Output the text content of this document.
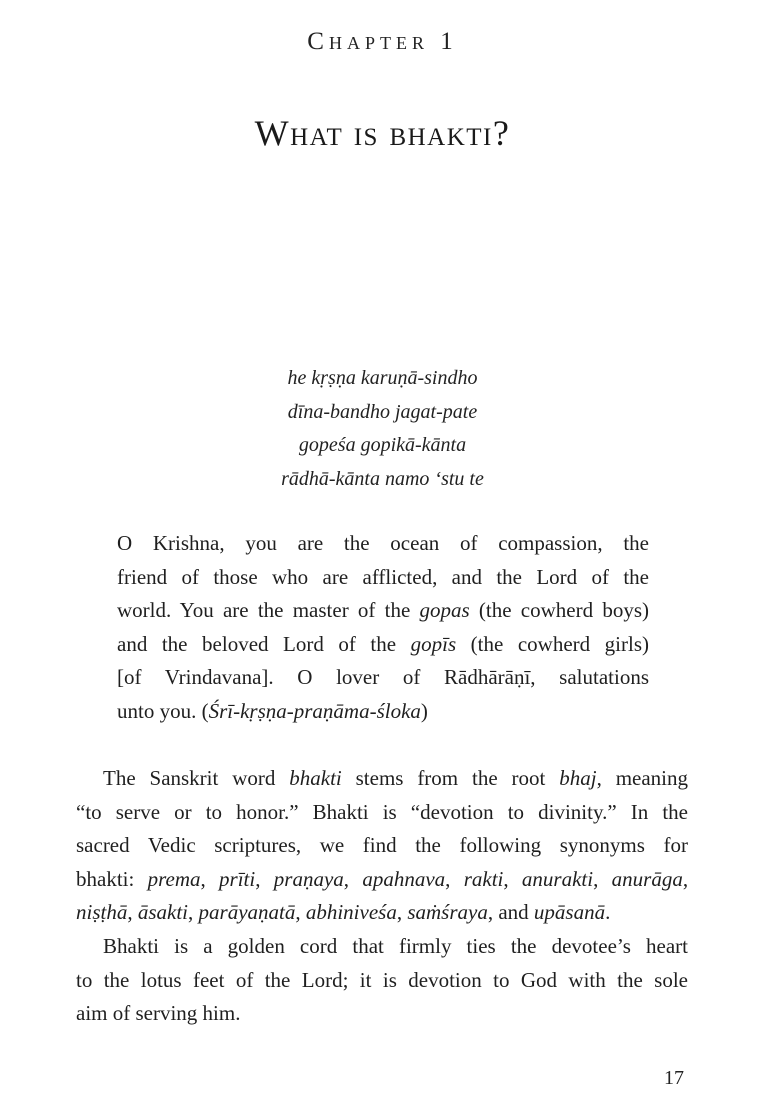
Chapter 1
What is bhakti?
he kṛṣṇa karuṇā-sindho
dīna-bandho jagat-pate
gopeśa gopikā-kānta
rādhā-kānta namo ‘stu te
O Krishna, you are the ocean of compassion, the
friend of those who are afflicted, and the Lord of the
world. You are the master of the gopas (the cowherd boys)
and the beloved Lord of the gopīs (the cowherd girls)
[of Vrindavana]. O lover of Rādhārāṇī, salutations
unto you. (Śrī-kṛṣṇa-praṇāma-śloka)
The Sanskrit word bhakti stems from the root bhaj, meaning
“to serve or to honor.” Bhakti is “devotion to divinity.” In the
sacred Vedic scriptures, we find the following synonyms for
bhakti: prema, prīti, praṇaya, apahnava, rakti, anurakti, anurāga,
niṣṭhā, āsakti, parāyaṇatā, abhiniveśa, saṁśraya, and upāsanā.
Bhakti is a golden cord that firmly ties the devotee’s heart
to the lotus feet of the Lord; it is devotion to God with the sole
aim of serving him.
17
